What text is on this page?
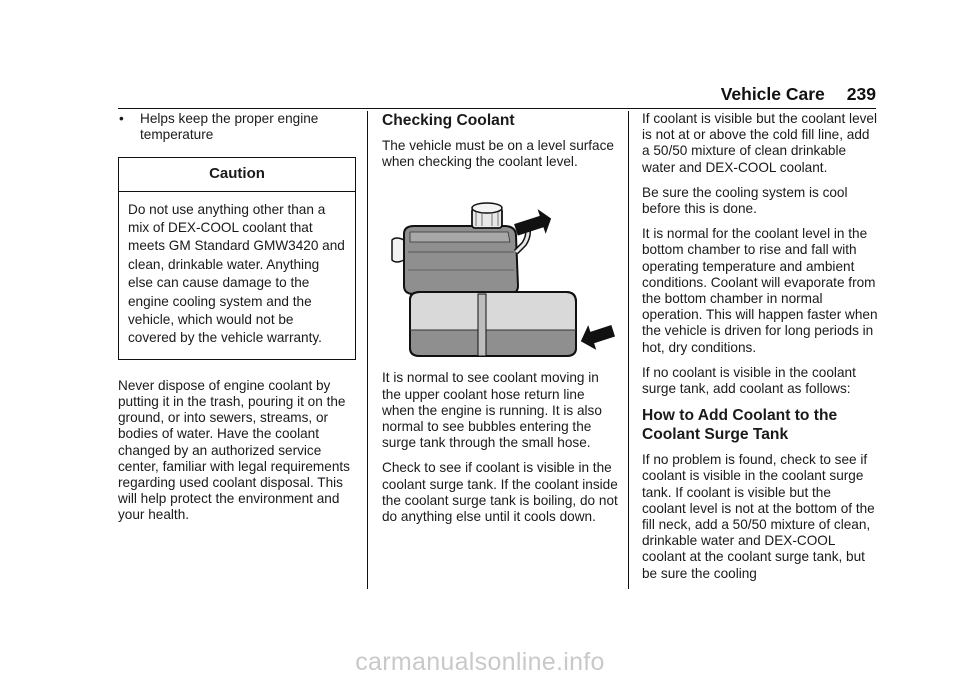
Vehicle Care 239
•	Helps keep the proper engine temperature
Caution
Do not use anything other than a mix of DEX-COOL coolant that meets GM Standard GMW3420 and clean, drinkable water. Anything else can cause damage to the engine cooling system and the vehicle, which would not be covered by the vehicle warranty.

Never dispose of engine coolant by putting it in the trash, pouring it on the ground, or into sewers, streams, or bodies of water. Have the coolant changed by an authorized service center, familiar with legal requirements regarding used coolant disposal. This will help protect the environment and your health.

Checking Coolant

The vehicle must be on a level surface when checking the coolant level.

It is normal to see coolant moving in the upper coolant hose return line when the engine is running. It is also normal to see bubbles entering the surge tank through the small hose.

Check to see if coolant is visible in the coolant surge tank. If the coolant inside the coolant surge tank is boiling, do not do anything else until it cools down.

If coolant is visible but the coolant level is not at or above the cold fill line, add a 50/50 mixture of clean drinkable water and DEX-COOL coolant.

Be sure the cooling system is cool before this is done.

It is normal for the coolant level in the bottom chamber to rise and fall with operating temperature and ambient conditions. Coolant will evaporate from the bottom chamber in normal operation. This will happen faster when the vehicle is driven for long periods in hot, dry conditions.

If no coolant is visible in the coolant surge tank, add coolant as follows:

How to Add Coolant to the Coolant Surge Tank

If no problem is found, check to see if coolant is visible in the coolant surge tank. If coolant is visible but the coolant level is not at the bottom of the fill neck, add a 50/50 mixture of clean, drinkable water and DEX-COOL coolant at the coolant surge tank, but be sure the cooling

carmanualsonline.info
